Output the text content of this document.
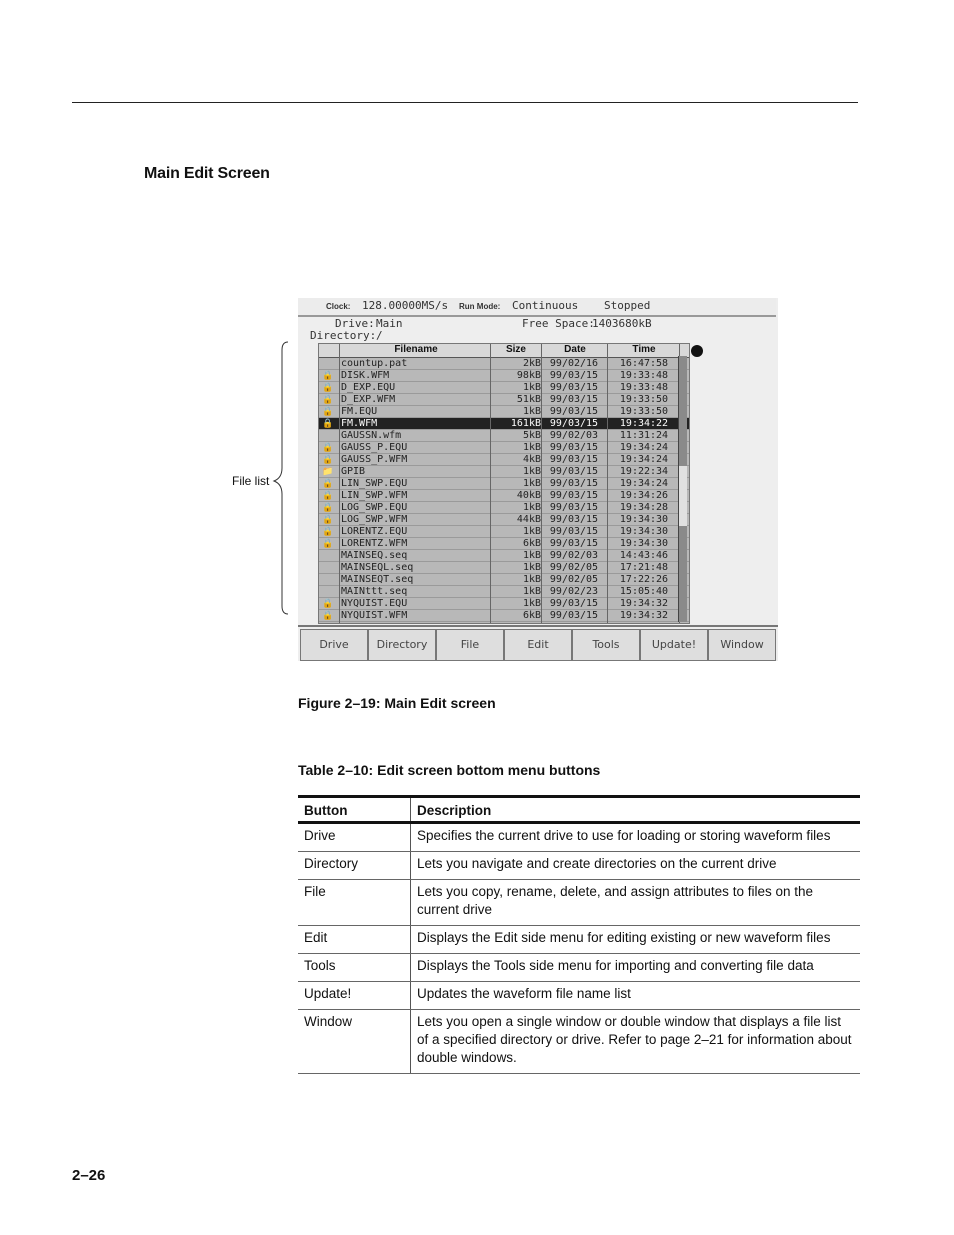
Main Edit Screen
Clock: 128.00000MS/s Run Mode: Continuous Stopped
Drive: Main	Free Space:
1403680kB
Directory: /
Filename	Size	Date	Time
countup.pat	2kB 99/02/16	16:47:58
🔒 DISK.WFM	98kB 99/03/15	19:33:48
🔒 D_EXP.EQU	1kB 99/03/15	19:33:48
🔒 D_EXP.WFM	51kB 99/03/15	19:33:50
🔒 FM.EQU	1kB 99/03/15	19:33:50
🔒 FM.WFM	161kB 99/03/15	19:34:22
GAUSSN.wfm	5kB 99/02/03	11:31:24
🔒 GAUSS_P.EQU	1kB 99/03/15	19:34:24
🔒 GAUSS_P.WFM	4kB 99/03/15	19:34:24
📁 GPIB	1kB 99/03/15	19:22:34
🔒 LIN_SWP.EQU	1kB 99/03/15	19:34:24
🔒 LIN_SWP.WFM	40kB 99/03/15	19:34:26
🔒 LOG_SWP.EQU	1kB 99/03/15	19:34:28
🔒 LOG_SWP.WFM	44kB 99/03/15	19:34:30
🔒 LORENTZ.EQU	1kB 99/03/15	19:34:30
🔒 LORENTZ.WFM	6kB 99/03/15	19:34:30
MAINSEQ.seq	1kB 99/02/03	14:43:46
MAINSEQL.seq	1kB 99/02/05	17:21:48
MAINSEQT.seq	1kB 99/02/05	17:22:26
MAINttt.seq	1kB 99/02/23	15:05:40
🔒 NYQUIST.EQU	1kB 99/03/15	19:34:32
🔒 NYQUIST.WFM	6kB 99/03/15	19:34:32
Drive	Directory	File	Edit	Tools	Update!	Window
File list
Figure 2–19: Main Edit screen
Table 2–10: Edit screen bottom menu buttons
Button	Description
Drive	Specifies the current drive to use for loading or storing waveform files
Directory	Lets you navigate and create directories on the current drive
File	Lets you copy, rename, delete, and assign attributes to files on the current drive
Edit	Displays the Edit side menu for editing existing or new waveform files
Tools	Displays the Tools side menu for importing and converting file data
Update!	Updates the waveform file name list
Window	Lets you open a single window or double window that displays a file list of a specified directory or drive. Refer to page 2–21 for information about double windows.
2–26
